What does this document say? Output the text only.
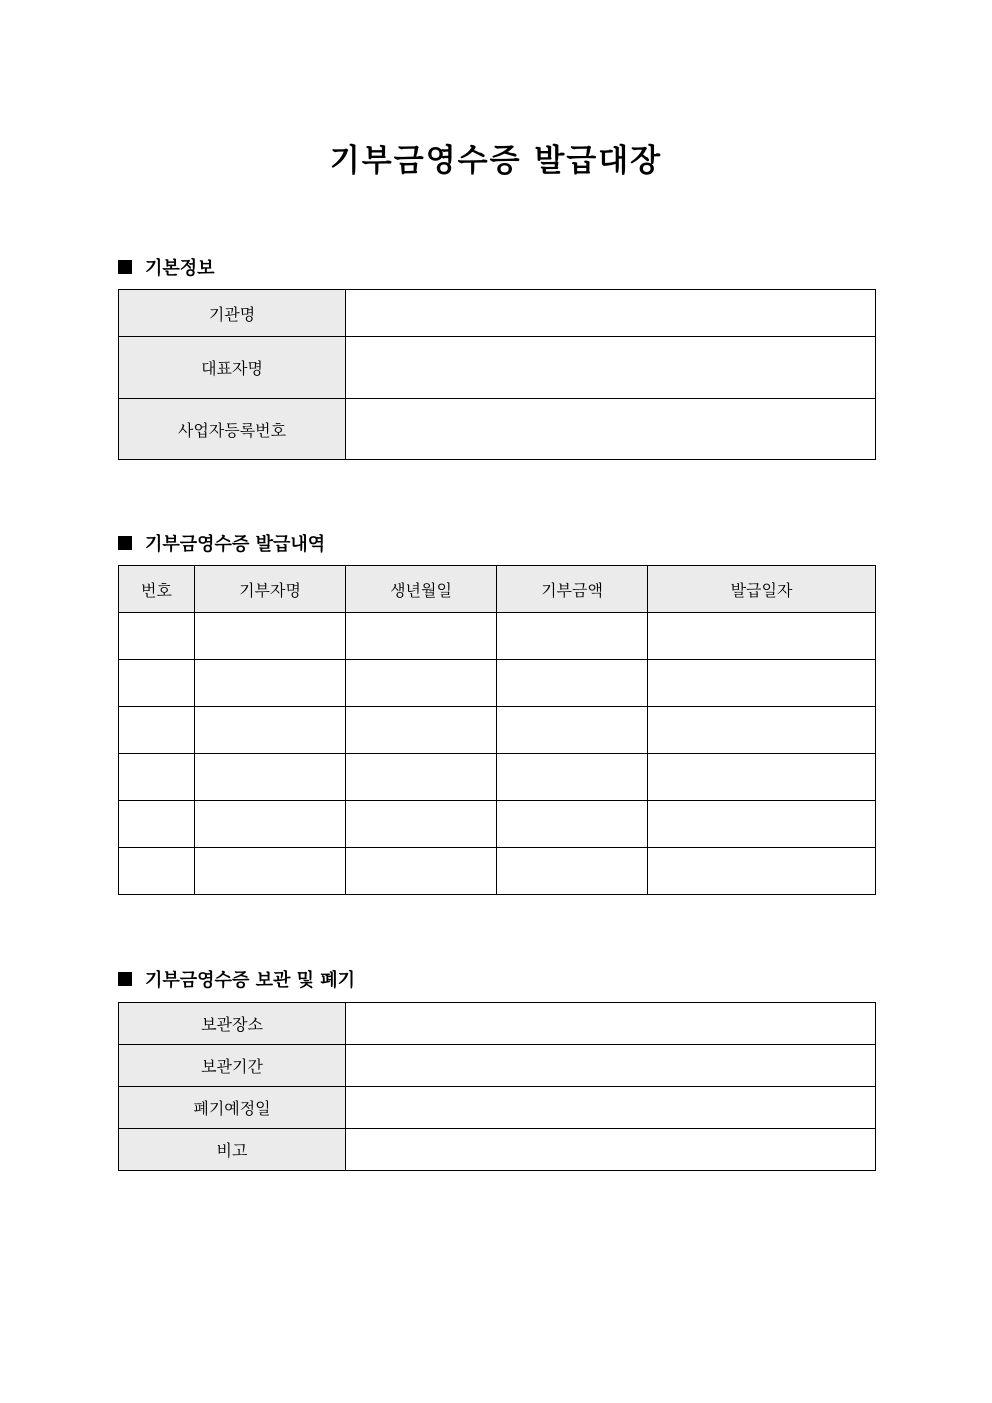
기부금영수증 발급대장
기본정보
기관명	
대표자명	
사업자등록번호	
기부금영수증 발급내역
번호	기부자명	생년월일	기부금액	발급일자

기부금영수증 보관 및 폐기
보관장소	
보관기간	
폐기예정일	
비고	
